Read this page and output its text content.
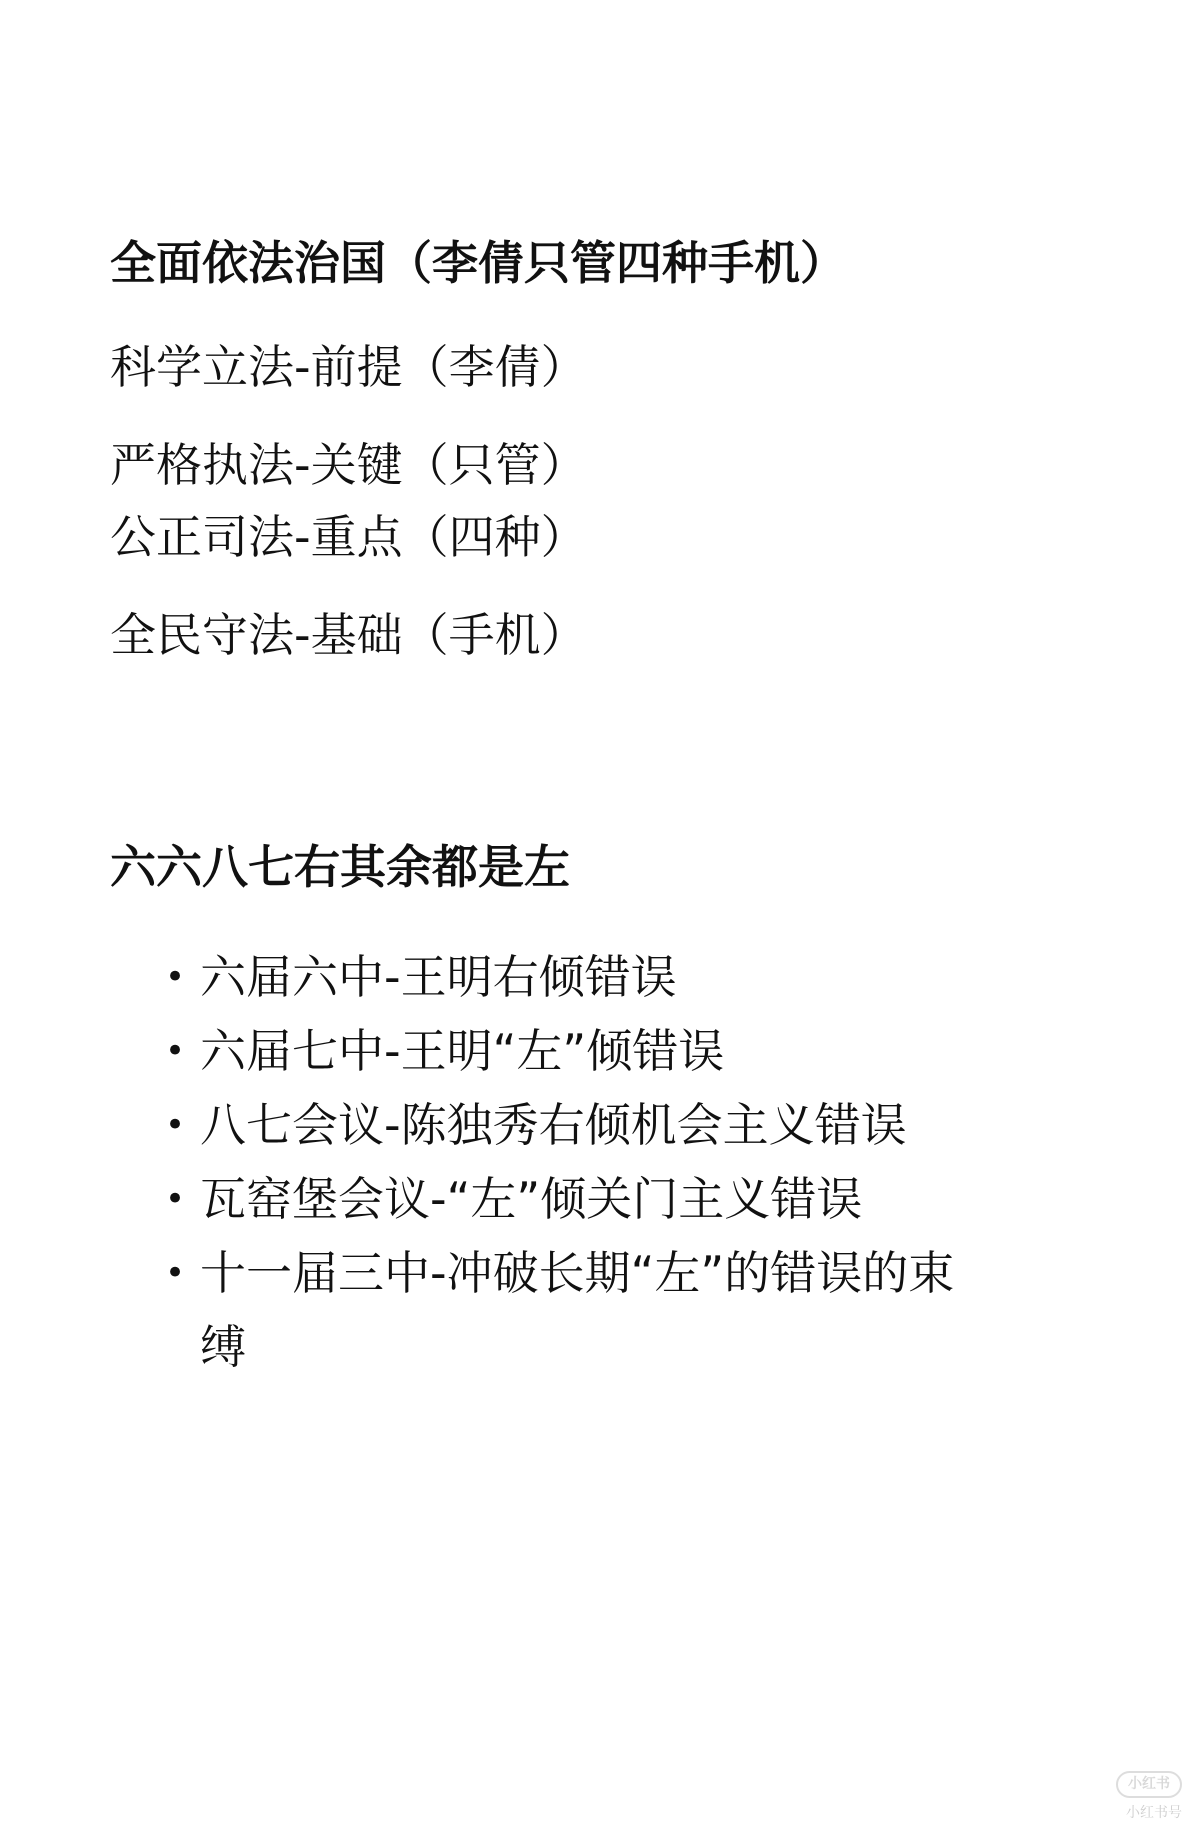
全面依法治国（李倩只管四种手机）
科学立法-前提（李倩）
严格执法-关键（只管）
公正司法-重点（四种）
全民守法-基础（手机）
六六八七右其余都是左
• 六届六中-王明右倾错误
• 六届七中-王明“左”倾错误
• 八七会议-陈独秀右倾机会主义错误
• 瓦窑堡会议-“左”倾关门主义错误
• 十一届三中-冲破长期“左”的错误的束缚
小红书
小红书号
